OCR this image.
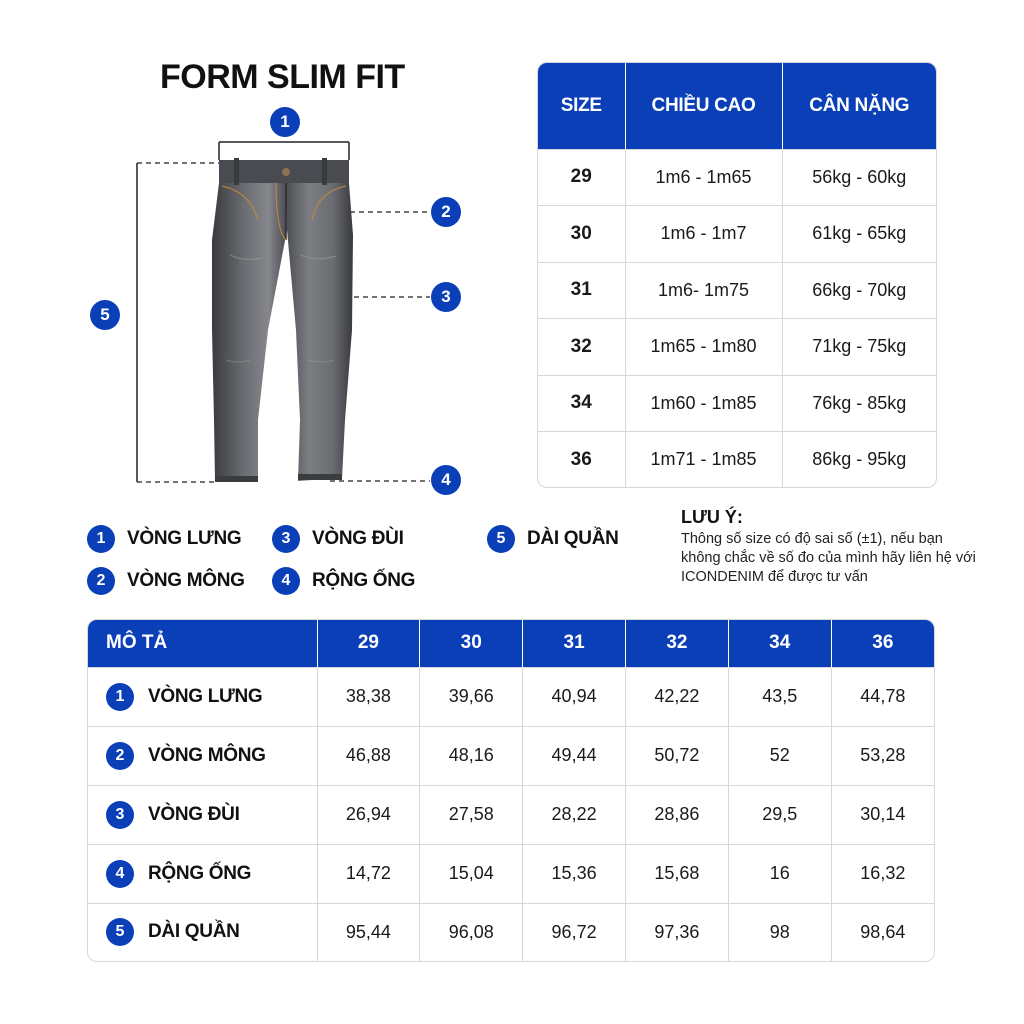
FORM SLIM FIT
1
2
3
4
5
SIZE	CHIỀU CAO	CÂN NẶNG
29	1m6 - 1m65	56kg - 60kg
30	1m6 - 1m7	61kg - 65kg
31	1m6- 1m75	66kg - 70kg
32	1m65 - 1m80	71kg - 75kg
34	1m60 - 1m85	76kg - 85kg
36	1m71 - 1m85	86kg - 95kg
1	VÒNG LƯNG
2	VÒNG MÔNG
3	VÒNG ĐÙI
4	RỘNG ỐNG
5	DÀI QUẦN
LƯU Ý:
Thông số size có độ sai số (±1), nếu bạn không chắc về số đo của mình hãy liên hệ với ICONDENIM để được tư vấn
MÔ TẢ	29	30	31	32	34	36

1 VÒNG LƯNG	38,38	39,66	40,94	42,22	43,5	44,78

2 VÒNG MÔNG	46,88	48,16	49,44	50,72	52	53,28

3 VÒNG ĐÙI	26,94	27,58	28,22	28,86	29,5	30,14

4 RỘNG ỐNG	14,72	15,04	15,36	15,68	16	16,32

5 DÀI QUẦN	95,44	96,08	96,72	97,36	98	98,64
